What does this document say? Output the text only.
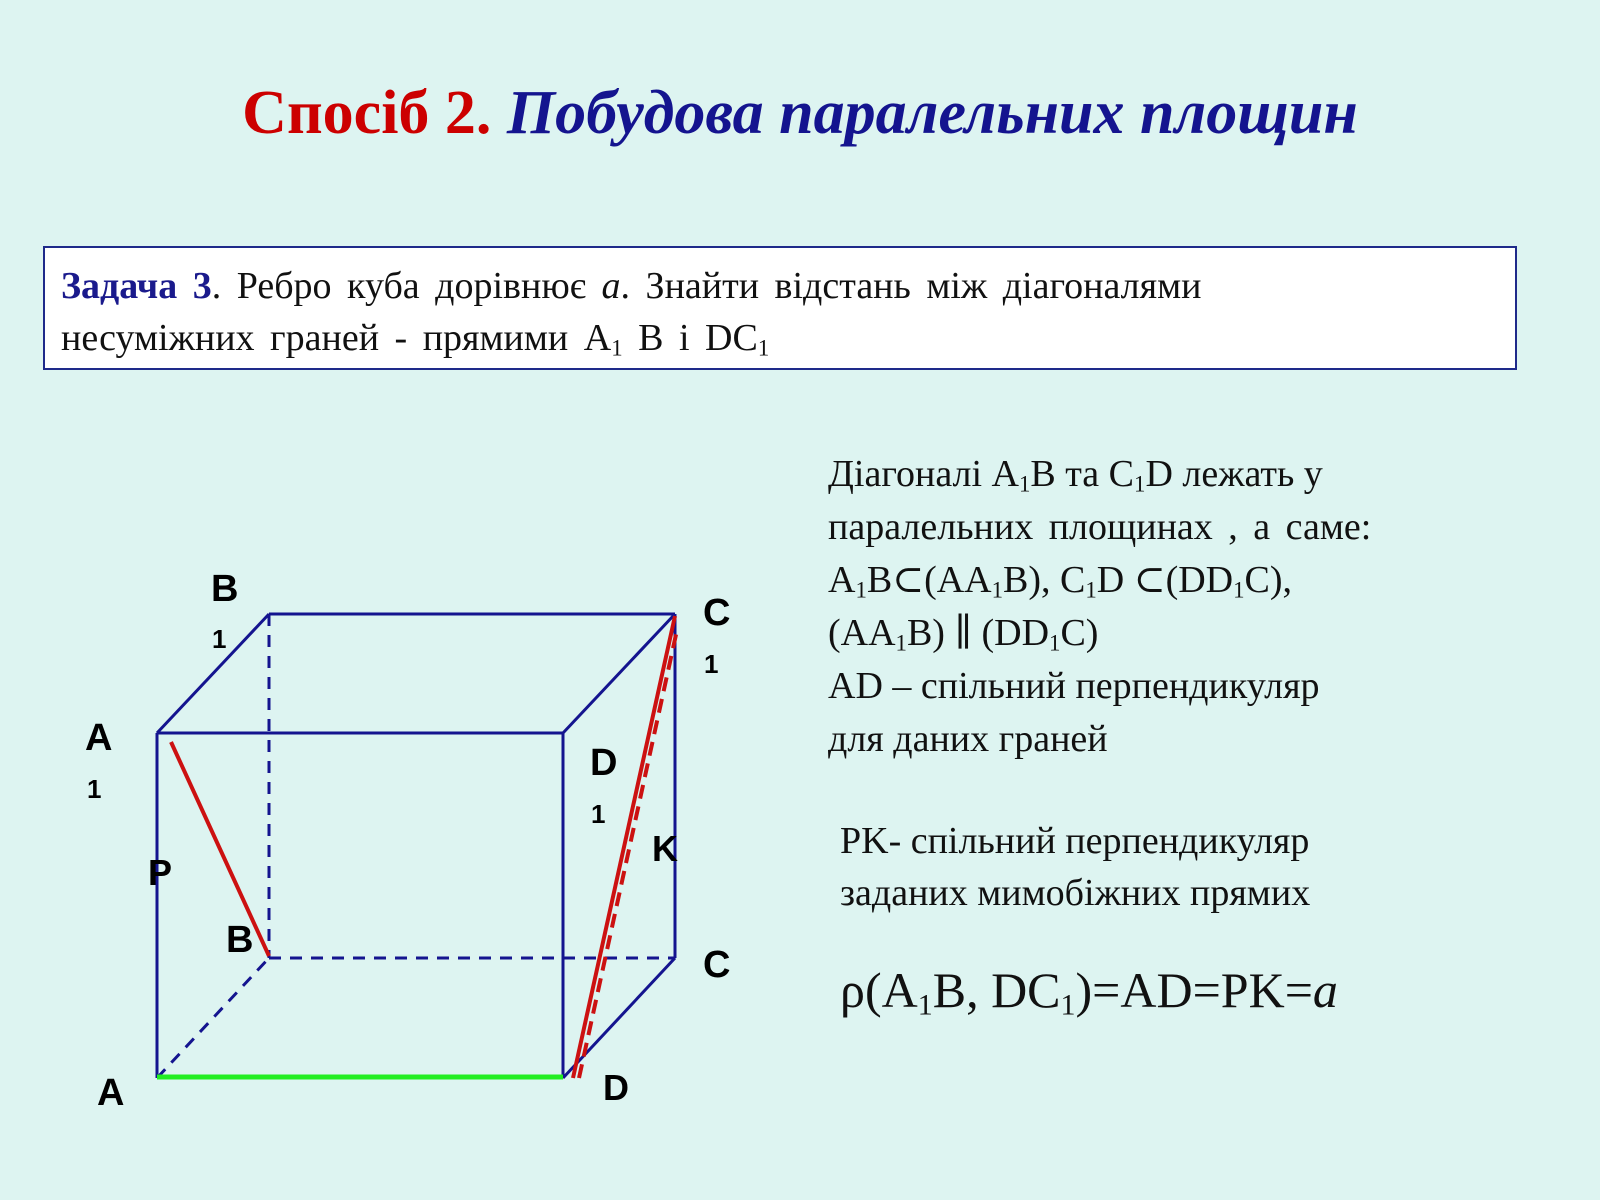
Спосіб 2. Побудова паралельних площин
Задача 3. Ребро куба дорівнює a. Знайти відстань між діагоналями
несуміжних граней - прямими $A_1$ B і $DC_1$
B
1
C
1
A
1
D
1
K
P
B
C
A	D
Діагоналі $A_1B$ та $C_1D$ лежать у
паралельних площинах , а саме:
$A_1B\subset(AA_1B)$, $C_1D$ $\subset(DD_1C)$,
$(AA_1B)$ ∥ $(DD_1C)$
AD – спільний перпендикуляр
для даних граней
PK- спільний перпендикуляр
заданих мимобіжних прямих
$\rho(A_1B$, $DC_1)=AD=PK=a$
